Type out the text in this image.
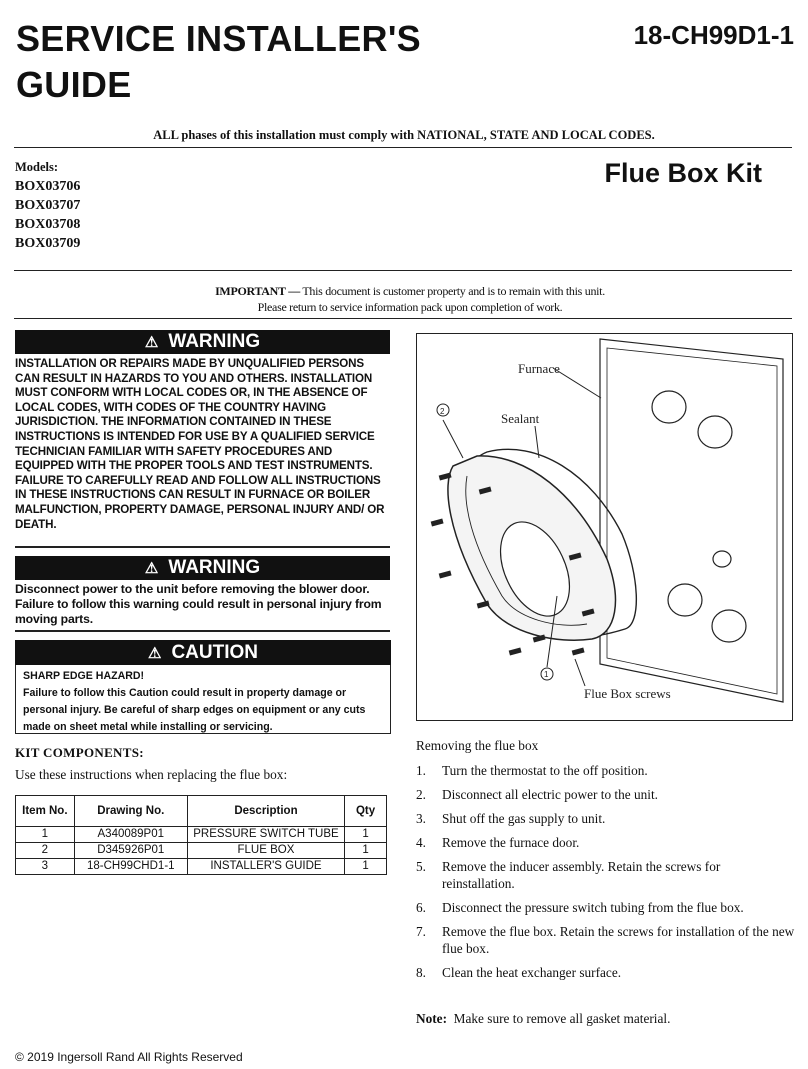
SERVICE INSTALLER'S
GUIDE
18-CH99D1-1
ALL phases of this installation must comply with NATIONAL, STATE AND LOCAL CODES.
Models:
BOX03706
BOX03707
BOX03708
BOX03709
Flue Box Kit
IMPORTANT — This document is customer property and is to remain with this unit.
Please return to service information pack upon completion of work.
⚠ WARNING
INSTALLATION OR REPAIRS MADE BY UNQUALIFIED PERSONS CAN RESULT IN HAZARDS TO YOU AND OTHERS. INSTALLATION MUST CONFORM WITH LOCAL CODES OR, IN THE ABSENCE OF LOCAL CODES, WITH CODES OF THE COUNTRY HAVING JURISDICTION. THE INFORMATION CONTAINED IN THESE INSTRUCTIONS IS INTENDED FOR USE BY A QUALIFIED SERVICE TECHNICIAN FAMILIAR WITH SAFETY PROCEDURES AND EQUIPPED WITH THE PROPER TOOLS AND TEST INSTRUMENTS. FAILURE TO CAREFULLY READ AND FOLLOW ALL INSTRUCTIONS IN THESE INSTRUCTIONS CAN RESULT IN FURNACE OR BOILER MALFUNCTION, PROPERTY DAMAGE, PERSONAL INJURY AND/ OR DEATH.
⚠ WARNING
Disconnect power to the unit before removing the blower door. Failure to follow this warning could result in personal injury from moving parts.
⚠ CAUTION
SHARP EDGE HAZARD!
Failure to follow this Caution could result in property damage or personal injury. Be careful of sharp edges on equipment or any cuts made on sheet metal while installing or servicing.
KIT COMPONENTS:
Use these instructions when replacing the flue box:
Item No.	Drawing No.	Description	Qty
1	A340089P01	PRESSURE SWITCH TUBE	1
2	D345926P01	FLUE BOX	1
3	18-CH99CHD1-1	INSTALLER'S GUIDE	1
Furnace
Sealant
Flue Box screws
2
1
Removing the flue box
1.	Turn the thermostat to the off position.
2.	Disconnect all electric power to the unit.
3.	Shut off the gas supply to unit.
4.	Remove the furnace door.
5.	Remove the inducer assembly. Retain the screws for reinstallation.
6.	Disconnect the pressure switch tubing from the flue box.
7.	Remove the flue box. Retain the screws for installation of the new flue box.
8.	Clean the heat exchanger surface.
Note: Make sure to remove all gasket material.
© 2019 Ingersoll Rand All Rights Reserved
